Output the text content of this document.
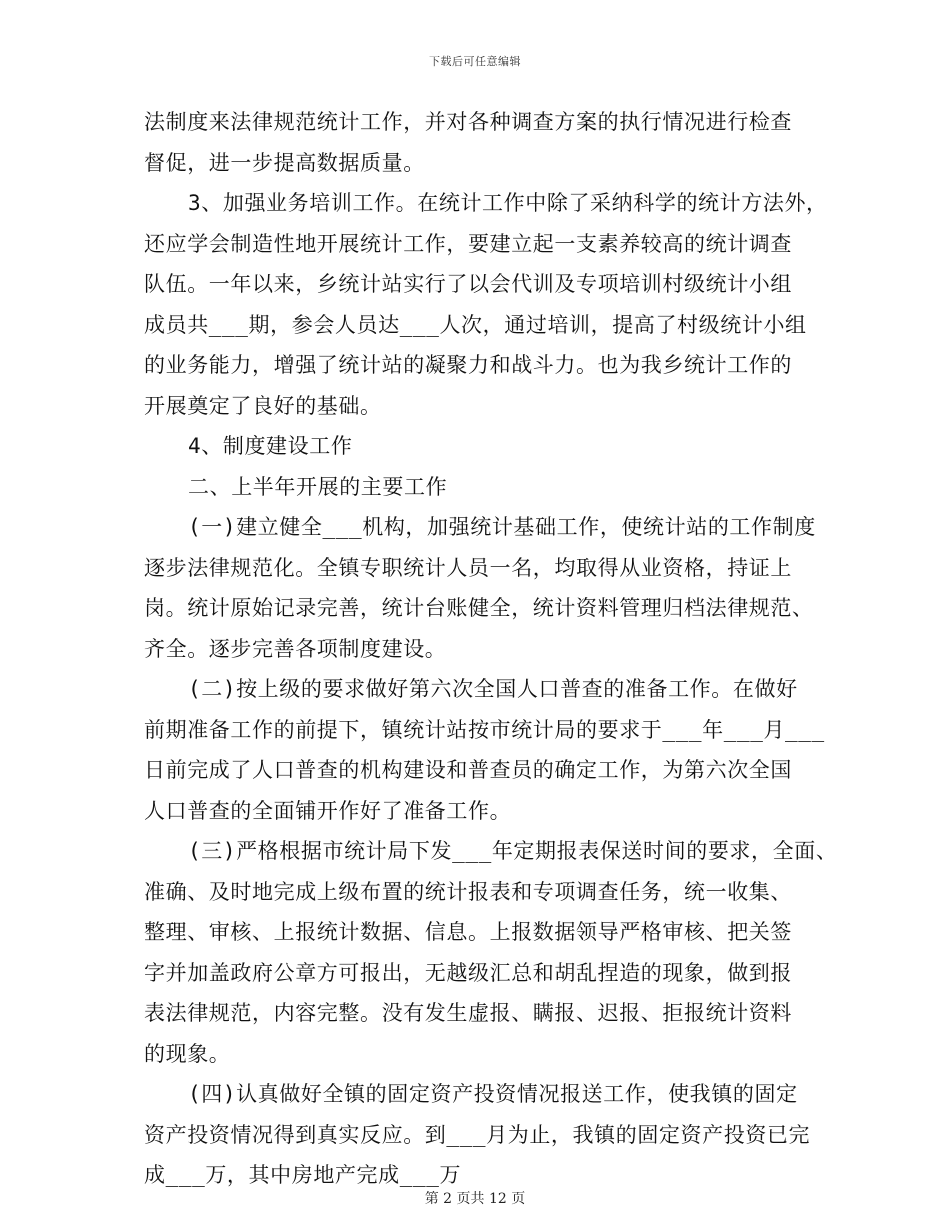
下载后可任意编辑

法制度来法律规范统计工作，并对各种调查方案的执行情况进行检查
督促，进一步提高数据质量。

3、加强业务培训工作。在统计工作中除了采纳科学的统计方法外，
还应学会制造性地开展统计工作，要建立起一支素养较高的统计调查
队伍。一年以来，乡统计站实行了以会代训及专项培训村级统计小组
成员共___期，参会人员达___人次，通过培训，提高了村级统计小组
的业务能力，增强了统计站的凝聚力和战斗力。也为我乡统计工作的
开展奠定了良好的基础。

4、制度建设工作

二、上半年开展的主要工作

(一)建立健全___机构，加强统计基础工作，使统计站的工作制度
逐步法律规范化。全镇专职统计人员一名，均取得从业资格，持证上
岗。统计原始记录完善，统计台账健全，统计资料管理归档法律规范、
齐全。逐步完善各项制度建设。

(二)按上级的要求做好第六次全国人口普查的准备工作。在做好
前期准备工作的前提下，镇统计站按市统计局的要求于___年___月___
日前完成了人口普查的机构建设和普查员的确定工作，为第六次全国
人口普查的全面铺开作好了准备工作。

(三)严格根据市统计局下发___年定期报表保送时间的要求，全面、
准确、及时地完成上级布置的统计报表和专项调查任务，统一收集、
整理、审核、上报统计数据、信息。上报数据领导严格审核、把关签
字并加盖政府公章方可报出，无越级汇总和胡乱捏造的现象，做到报
表法律规范，内容完整。没有发生虚报、瞒报、迟报、拒报统计资料
的现象。

(四)认真做好全镇的固定资产投资情况报送工作，使我镇的固定
资产投资情况得到真实反应。到___月为止，我镇的固定资产投资已完
成___万，其中房地产完成___万

第 2 页共 12 页
